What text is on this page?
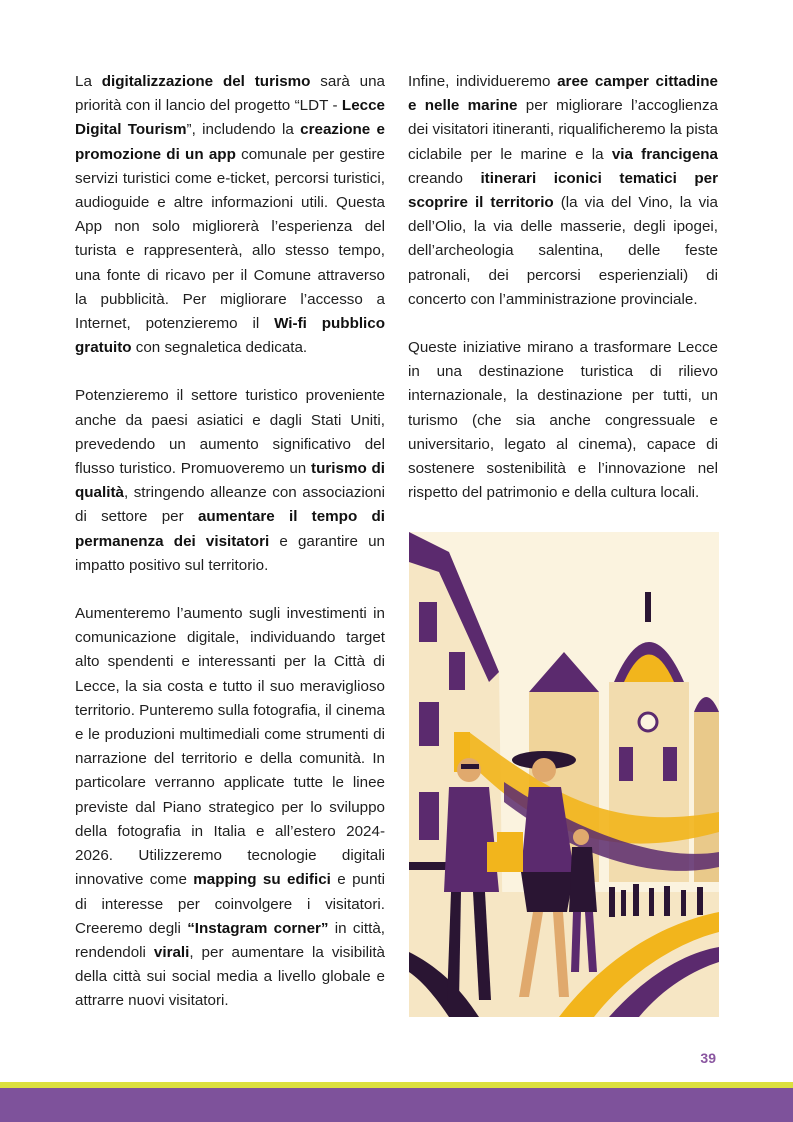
La digitalizzazione del turismo sarà una priorità con il lancio del progetto “LDT - Lecce Digital Tourism”, includendo la creazione e promozione di un app comunale per gestire servizi turistici come e-ticket, percorsi turistici, audioguide e altre informazioni utili. Questa App non solo migliorerà l’esperienza del turista e rappresenterà, allo stesso tempo, una fonte di ricavo per il Comune attraverso la pubblicità. Per migliorare l’accesso a Internet, potenzieremo il Wi-fi pubblico gratuito con segnaletica dedicata.

Potenzieremo il settore turistico proveniente anche da paesi asiatici e dagli Stati Uniti, prevedendo un aumento significativo del flusso turistico. Promuoveremo un turismo di qualità, stringendo alleanze con associazioni di settore per aumentare il tempo di permanenza dei visitatori e garantire un impatto positivo sul territorio.

Aumenteremo l’aumento sugli investimenti in comunicazione digitale, individuando target alto spendenti e interessanti per la Città di Lecce, la sia costa e tutto il suo meraviglioso territorio. Punteremo sulla fotografia, il cinema e le produzioni multimediali come strumenti di narrazione del territorio e della comunità. In particolare verranno applicate tutte le linee previste dal Piano strategico per lo sviluppo della fotografia in Italia e all’estero 2024-2026. Utilizzeremo tecnologie digitali innovative come mapping su edifici e punti di interesse per coinvolgere i visitatori. Creeremo degli “Instagram corner” in città, rendendoli virali, per aumentare la visibilità della città sui social media a livello globale e attrarre nuovi visitatori.

Infine, individueremo aree camper cittadine e nelle marine per migliorare l’accoglienza dei visitatori itineranti, riqualificheremo la pista ciclabile per le marine e la via francigena creando itinerari iconici tematici per scoprire il territorio (la via del Vino, la via dell’Olio, la via delle masserie, degli ipogei, dell’archeologia salentina, delle feste patronali, dei percorsi esperienziali) di concerto con l’amministrazione provinciale.

Queste iniziative mirano a trasformare Lecce in una destinazione turistica di rilievo internazionale, la destinazione per tutti, un turismo (che sia anche congressuale e universitario, legato al cinema), capace di sostenere sostenibilità e l’innovazione nel rispetto del patrimonio e della cultura locali.

39
